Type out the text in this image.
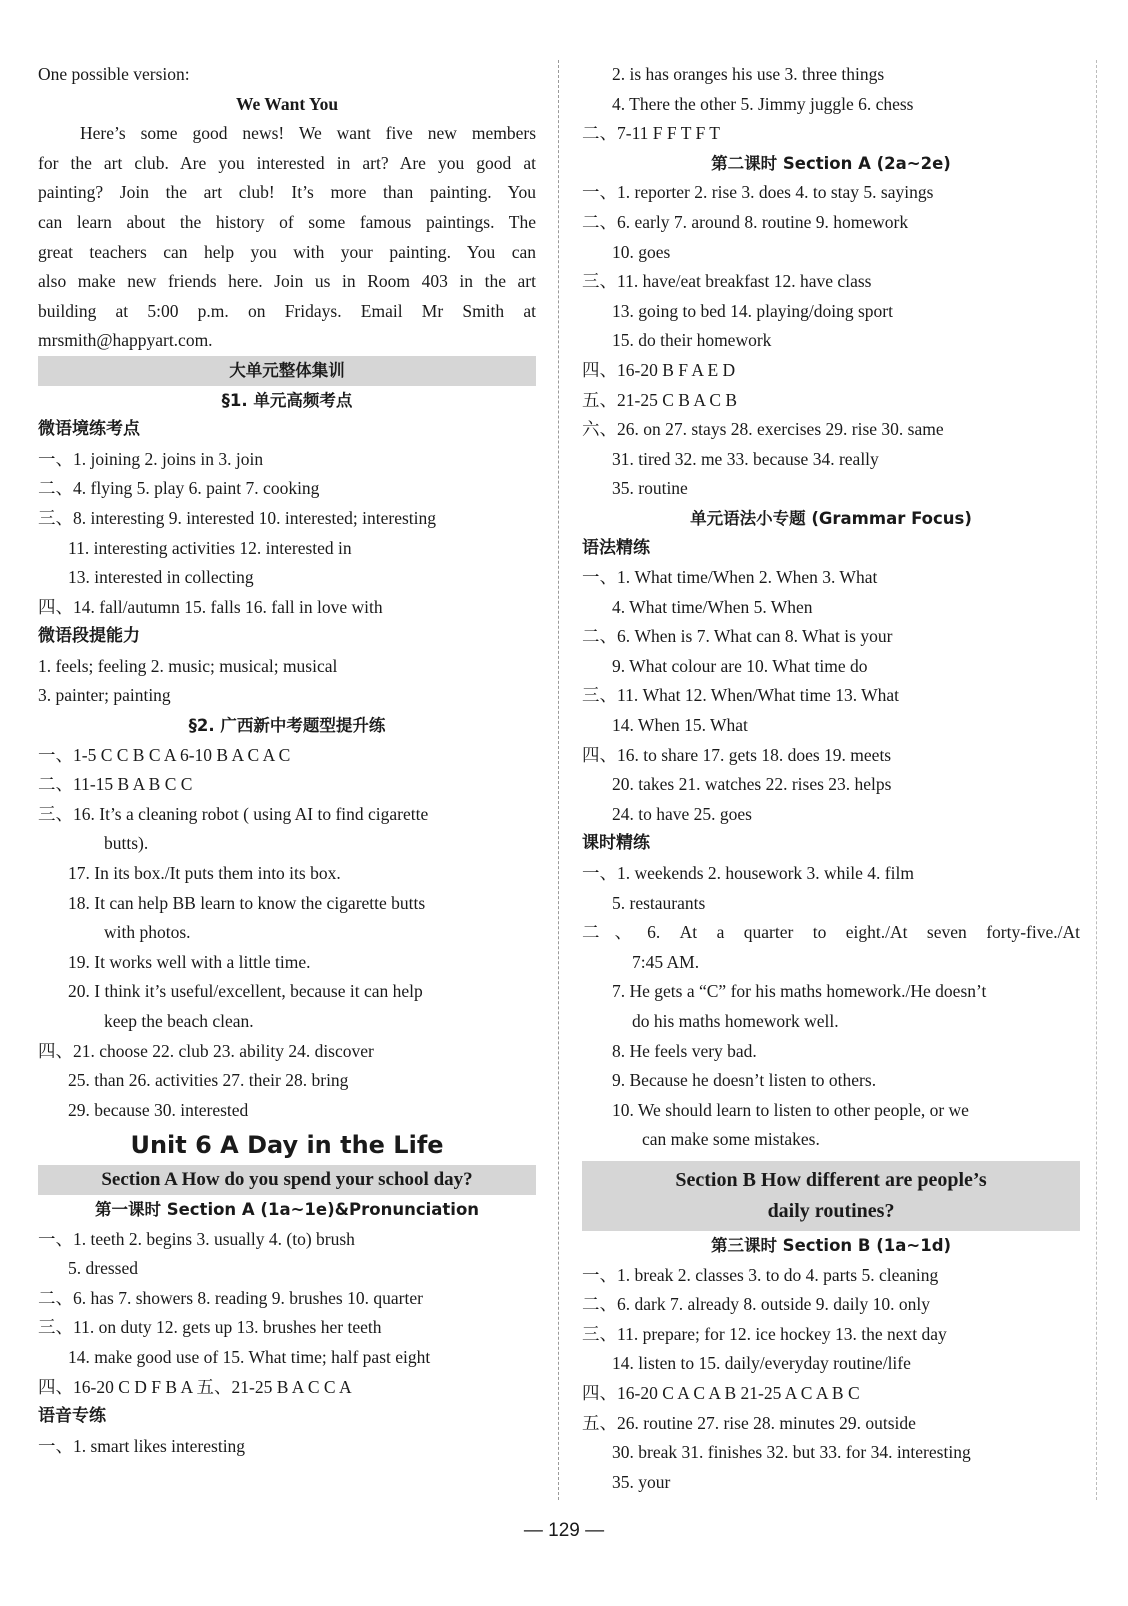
One possible version:
We Want You
Here’s some good news! We want five new members
for the art club. Are you interested in art? Are you good at
painting? Join the art club! It’s more than painting. You
can learn about the history of some famous paintings. The
great teachers can help you with your painting. You can
also make new friends here. Join us in Room 403 in the art
building at 5:00 p.m. on Fridays. Email Mr Smith at
mrsmith@happyart.com.
大单元整体集训
§1. 单元高频考点
微语境练考点
一、1. joining 2. joins in 3. join
二、4. flying 5. play 6. paint 7. cooking
三、8. interesting 9. interested 10. interested; interesting
11. interesting activities 12. interested in
13. interested in collecting
四、14. fall/autumn 15. falls 16. fall in love with
微语段提能力
1. feels; feeling 2. music; musical; musical
3. painter; painting
§2. 广西新中考题型提升练
一、1-5 C C B C A 6-10 B A C A C
二、11-15 B A B C C
三、16. It’s a cleaning robot ( using AI to find cigarette
butts).
17. In its box./It puts them into its box.
18. It can help BB learn to know the cigarette butts
with photos.
19. It works well with a little time.
20. I think it’s useful/excellent, because it can help
keep the beach clean.
四、21. choose 22. club 23. ability 24. discover
25. than 26. activities 27. their 28. bring
29. because 30. interested
Unit 6 A Day in the Life
Section A How do you spend your school day?
第一课时 Section A (1a~1e)&Pronunciation
一、1. teeth 2. begins 3. usually 4. (to) brush
5. dressed
二、6. has 7. showers 8. reading 9. brushes 10. quarter
三、11. on duty 12. gets up 13. brushes her teeth
14. make good use of 15. What time; half past eight
四、16-20 C D F B A 五、21-25 B A C C A
语音专练
一、1. smart likes interesting
2. is has oranges his use 3. three things
4. There the other 5. Jimmy juggle 6. chess
二、7-11 F F T F T
第二课时 Section A (2a~2e)
一、1. reporter 2. rise 3. does 4. to stay 5. sayings
二、6. early 7. around 8. routine 9. homework
10. goes
三、11. have/eat breakfast 12. have class
13. going to bed 14. playing/doing sport
15. do their homework
四、16-20 B F A E D
五、21-25 C B A C B
六、26. on 27. stays 28. exercises 29. rise 30. same
31. tired 32. me 33. because 34. really
35. routine
单元语法小专题 (Grammar Focus)
语法精练
一、1. What time/When 2. When 3. What
4. What time/When 5. When
二、6. When is 7. What can 8. What is your
9. What colour are 10. What time do
三、11. What 12. When/What time 13. What
14. When 15. What
四、16. to share 17. gets 18. does 19. meets
20. takes 21. watches 22. rises 23. helps
24. to have 25. goes
课时精练
一、1. weekends 2. housework 3. while 4. film
5. restaurants
二、6. At a quarter to eight./At seven forty-five./At
7:45 AM.
7. He gets a “C” for his maths homework./He doesn’t
do his maths homework well.
8. He feels very bad.
9. Because he doesn’t listen to others.
10. We should learn to listen to other people, or we
can make some mistakes.
Section B How different are people’s
daily routines?
第三课时 Section B (1a~1d)
一、1. break 2. classes 3. to do 4. parts 5. cleaning
二、6. dark 7. already 8. outside 9. daily 10. only
三、11. prepare; for 12. ice hockey 13. the next day
14. listen to 15. daily/everyday routine/life
四、16-20 C A C A B 21-25 A C A B C
五、26. routine 27. rise 28. minutes 29. outside
30. break 31. finishes 32. but 33. for 34. interesting
35. your
— 129 —
